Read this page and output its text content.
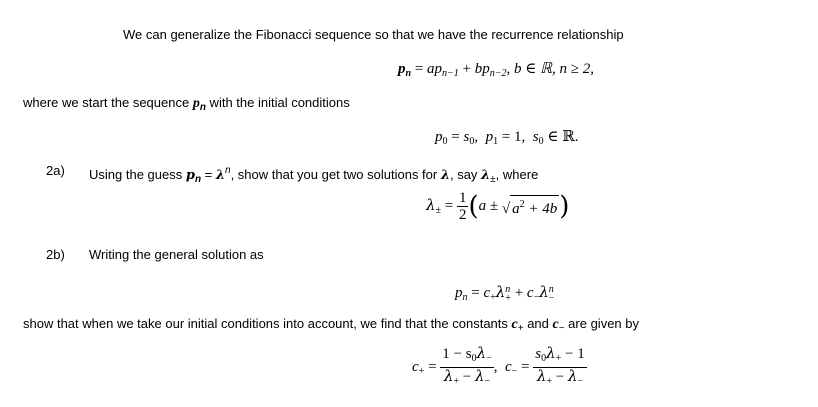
We can generalize the Fibonacci sequence so that we have the recurrence relationship
$p_n = ap_{n-1} + bp_{n-2}$, b ∈ ℝ, n ≥ 2,
where we start the sequence $p_n$ with the initial conditions
$p_0 = s_0$, $p_1 = 1$, $s_0$ ∈ ℝ.
2a) Using the guess $p_n = \lambda^n$, show that you get two solutions for λ, say $\lambda_\pm$, where
$\lambda_\pm = \frac{1}{2} (a$ ± √ $a^2 + 4b$)
2b) Writing the general solution as
$p_n = c_+\lambda$ n
+ + $c_-\lambda$ n
−
show that when we take our initial conditions into account, we find that the constants $c_+$ and $c_-$ are given by
$c_+ = \frac{1 - s_0\lambda_-}{\lambda_+ - \lambda_-}$ , $c_- = \frac{s_0\lambda_+ - 1}{\lambda_+ - \lambda_-}$
